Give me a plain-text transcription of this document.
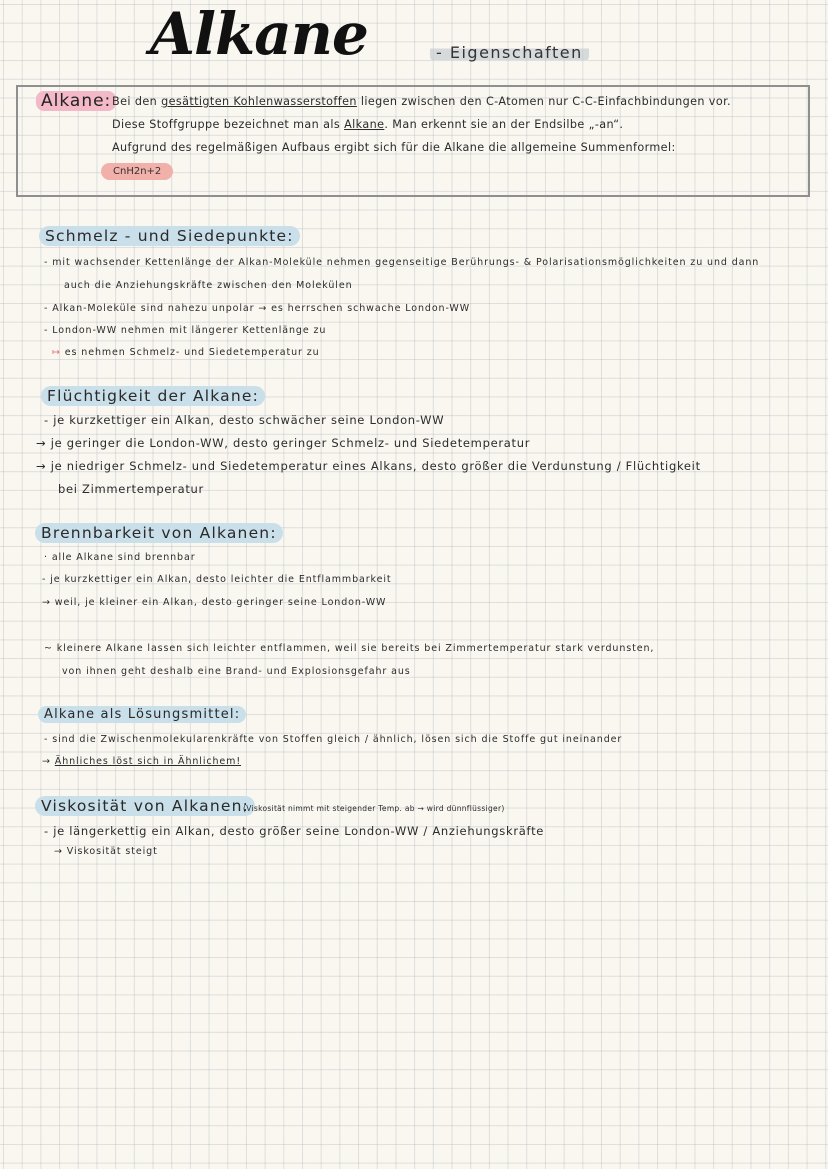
Alkane	- Eigenschaften
Alkane: Bei den gesättigten Kohlenwasserstoffen liegen zwischen den C-Atomen nur C-C-Einfachbindungen vor.
Diese Stoffgruppe bezeichnet man als Alkane. Man erkennt sie an der Endsilbe „-an“.
Aufgrund des regelmäßigen Aufbaus ergibt sich für die Alkane die allgemeine Summenformel:
CnH2n+2
Schmelz - und Siedepunkte:
- mit wachsender Kettenlänge der Alkan-Moleküle nehmen gegenseitige Berührungs- & Polarisationsmöglichkeiten zu und dann
auch die Anziehungskräfte zwischen den Molekülen
- Alkan-Moleküle sind nahezu unpolar → es herrschen schwache London-WW
- London-WW nehmen mit längerer Kettenlänge zu
↦ es nehmen Schmelz- und Siedetemperatur zu
Flüchtigkeit der Alkane:
- je kurzkettiger ein Alkan, desto schwächer seine London-WW
→ je geringer die London-WW, desto geringer Schmelz- und Siedetemperatur
→ je niedriger Schmelz- und Siedetemperatur eines Alkans, desto größer die Verdunstung / Flüchtigkeit
bei Zimmertemperatur
Brennbarkeit von Alkanen:
· alle Alkane sind brennbar
- je kurzkettiger ein Alkan, desto leichter die Entflammbarkeit
→ weil, je kleiner ein Alkan, desto geringer seine London-WW
~ kleinere Alkane lassen sich leichter entflammen, weil sie bereits bei Zimmertemperatur stark verdunsten,
von ihnen geht deshalb eine Brand- und Explosionsgefahr aus
Alkane als Lösungsmittel:
- sind die Zwischenmolekularenkräfte von Stoffen gleich / ähnlich, lösen sich die Stoffe gut ineinander
→ Ähnliches löst sich in Ähnlichem!
Viskosität von Alkanen:
(Viskosität nimmt mit steigender Temp. ab → wird dünnflüssiger)
- je längerkettig ein Alkan, desto größer seine London-WW / Anziehungskräfte
→ Viskosität steigt
